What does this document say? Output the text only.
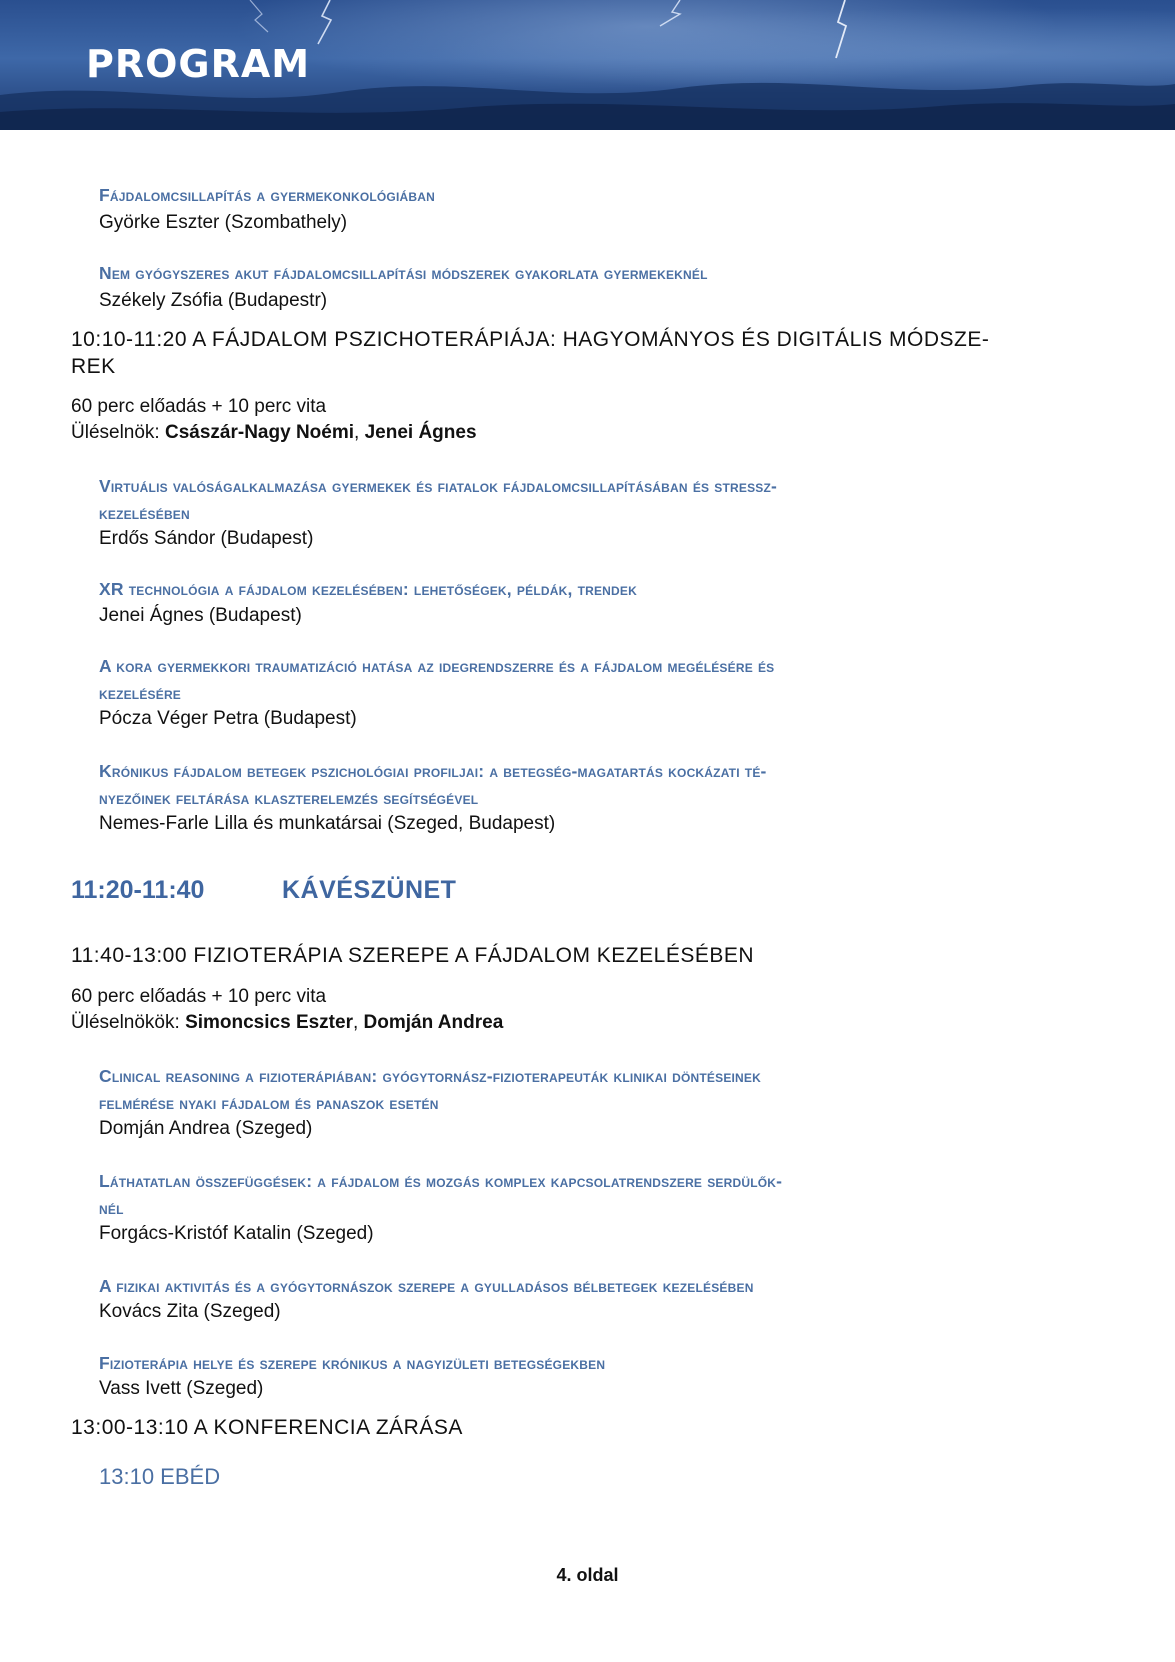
PROGRAM

Fájdalomcsillapítás a gyermekonkológiában

Györke Eszter (Szombathely)

Nem gyógyszeres akut fájdalomcsillapítási módszerek gyakorlata gyermekeknél

Székely Zsófia (Budapestr)

10:10-11:20 A FÁJDALOM PSZICHOTERÁPIÁJA: HAGYOMÁNYOS ÉS DIGITÁLIS MÓDSZE-

REK

60 perc előadás + 10 perc vita

Üléselnök: Császár-Nagy Noémi, Jenei Ágnes

Virtuális valóságalkalmazása gyermekek és fiatalok fájdalomcsillapításában és stressz-

kezelésében

Erdős Sándor (Budapest)

XR technológia a fájdalom kezelésében: lehetőségek, példák, trendek

Jenei Ágnes (Budapest)

A kora gyermekkori traumatizáció hatása az idegrendszerre és a fájdalom megélésére és

kezelésére

Pócza Véger Petra (Budapest)

Krónikus fájdalom betegek pszichológiai profiljai: a betegség-magatartás kockázati té-

nyezőinek feltárása klaszterelemzés segítségével

Nemes-Farle Lilla és munkatársai (Szeged, Budapest)

11:20-11:40	KÁVÉSZÜNET

11:40-13:00 FIZIOTERÁPIA SZEREPE A FÁJDALOM KEZELÉSÉBEN

60 perc előadás + 10 perc vita

Üléselnökök: Simoncsics Eszter, Domján Andrea

Clinical reasoning a fizioterápiában: gyógytornász-fizioterapeuták klinikai döntéseinek

felmérése nyaki fájdalom és panaszok esetén

Domján Andrea (Szeged)

Láthatatlan összefüggések: a fájdalom és mozgás komplex kapcsolatrendszere serdülők-

nél

Forgács-Kristóf Katalin (Szeged)

A fizikai aktivitás és a gyógytornászok szerepe a gyulladásos bélbetegek kezelésében

Kovács Zita (Szeged)

Fizioterápia helye és szerepe krónikus a nagyizületi betegségekben

Vass Ivett (Szeged)

13:00-13:10 A KONFERENCIA ZÁRÁSA

13:10 EBÉD

4. oldal
